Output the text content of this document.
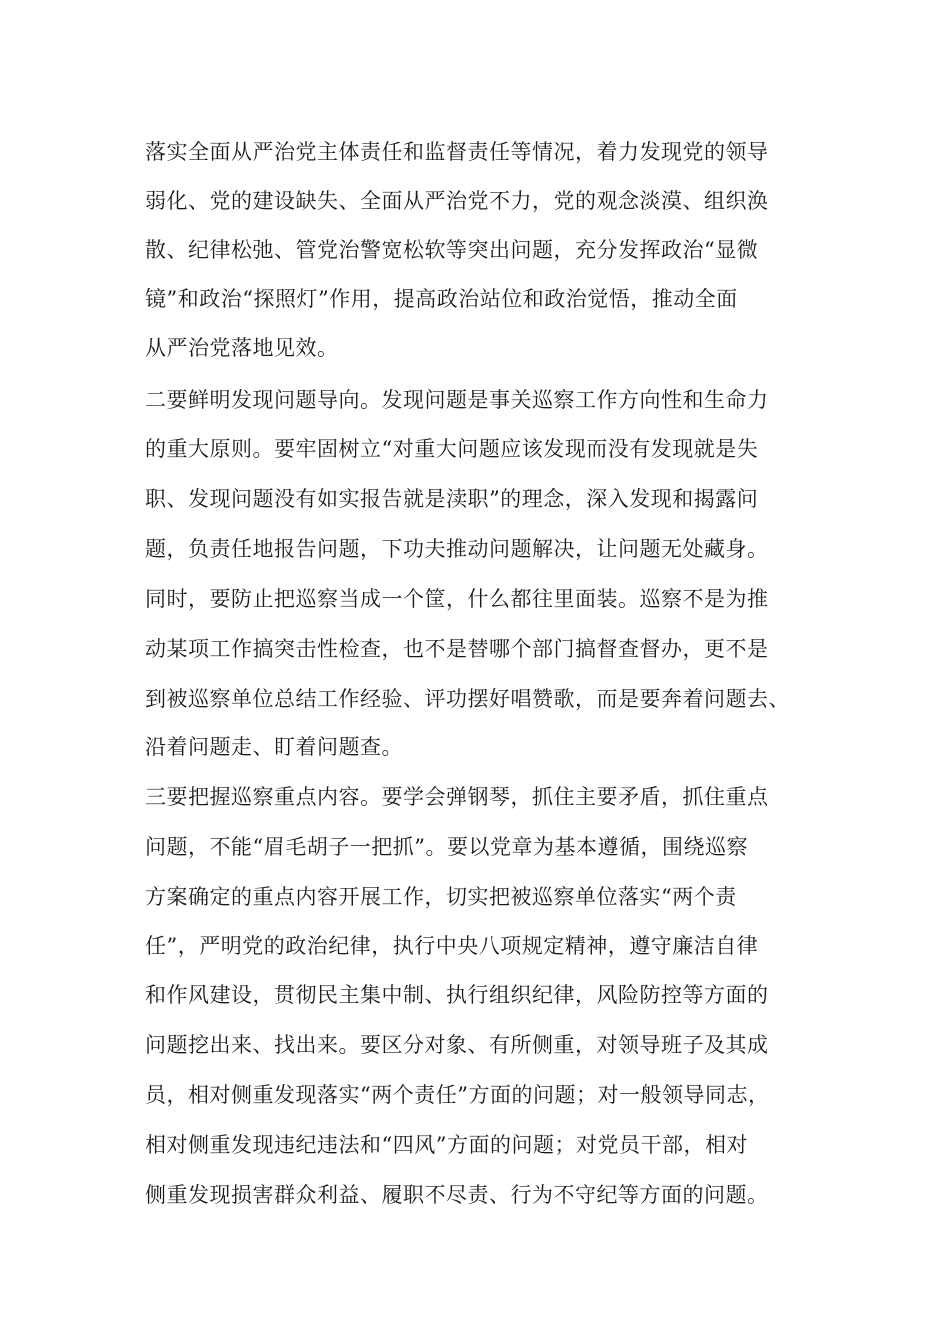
落实全面从严治党主体责任和监督责任等情况，着力发现党的领导
弱化、党的建设缺失、全面从严治党不力，党的观念淡漠、组织涣
散、纪律松弛、管党治警宽松软等突出问题，充分发挥政治“显微
镜”和政治“探照灯”作用，提高政治站位和政治觉悟，推动全面
从严治党落地见效。
二要鲜明发现问题导向。发现问题是事关巡察工作方向性和生命力
的重大原则。要牢固树立“对重大问题应该发现而没有发现就是失
职、发现问题没有如实报告就是渎职”的理念，深入发现和揭露问
题，负责任地报告问题，下功夫推动问题解决，让问题无处藏身。
同时，要防止把巡察当成一个筐，什么都往里面装。巡察不是为推
动某项工作搞突击性检查，也不是替哪个部门搞督查督办，更不是
到被巡察单位总结工作经验、评功摆好唱赞歌，而是要奔着问题去、
沿着问题走、盯着问题查。
三要把握巡察重点内容。要学会弹钢琴，抓住主要矛盾，抓住重点
问题，不能“眉毛胡子一把抓”。要以党章为基本遵循，围绕巡察
方案确定的重点内容开展工作，切实把被巡察单位落实“两个责
任”，严明党的政治纪律，执行中央八项规定精神，遵守廉洁自律
和作风建设，贯彻民主集中制、执行组织纪律，风险防控等方面的
问题挖出来、找出来。要区分对象、有所侧重，对领导班子及其成
员，相对侧重发现落实“两个责任”方面的问题；对一般领导同志，
相对侧重发现违纪违法和“四风”方面的问题；对党员干部，相对
侧重发现损害群众利益、履职不尽责、行为不守纪等方面的问题。
